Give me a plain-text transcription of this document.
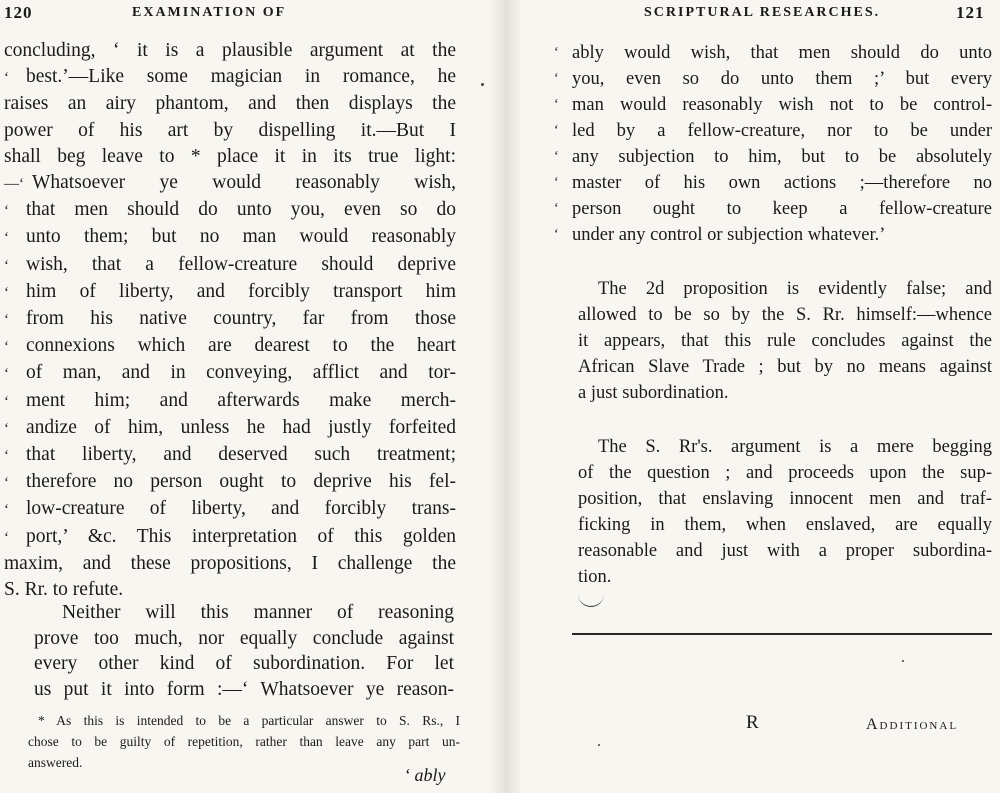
120	EXAMINATION OF
concluding, ‘ it is a plausible argument at the
‘ best.’—Like some magician in romance, he
raises an airy phantom, and then displays the
power of his art by dispelling it.—But I
shall beg leave to * place it in its true light:
—‘ Whatsoever ye would reasonably wish,
‘ that men should do unto you, even so do
‘ unto them; but no man would reasonably
‘ wish, that a fellow-creature should deprive
‘ him of liberty, and forcibly transport him
‘ from his native country, far from those
‘ connexions which are dearest to the heart
‘ of man, and in conveying, afflict and tor-
‘ ment him; and afterwards make merch-
‘ andize of him, unless he had justly forfeited
‘ that liberty, and deserved such treatment;
‘ therefore no person ought to deprive his fel-
‘ low-creature of liberty, and forcibly trans-
‘ port,’ &c. This interpretation of this golden
maxim, and these propositions, I challenge the
S. Rr. to refute.
Neither will this manner of reasoning
prove too much, nor equally conclude against
every other kind of subordination. For let
us put it into form :—‘ Whatsoever ye reason-
* As this is intended to be a particular answer to S. Rs., I
chose to be guilty of repetition, rather than leave any part un-
answered.
‘ ably
SCRIPTURAL RESEARCHES.	121
‘ ably would wish, that men should do unto
‘ you, even so do unto them ;’ but every
‘ man would reasonably wish not to be control-
‘ led by a fellow-creature, nor to be under
‘ any subjection to him, but to be absolutely
‘ master of his own actions ;—therefore no
‘ person ought to keep a fellow-creature
‘ under any control or subjection whatever.’
The 2d proposition is evidently false; and
allowed to be so by the S. Rr. himself:—whence
it appears, that this rule concludes against the
African Slave Trade ; but by no means against
a just subordination.
The S. Rr's. argument is a mere begging
of the question ; and proceeds upon the sup-
position, that enslaving innocent men and traf-
ficking in them, when enslaved, are equally
reasonable and just with a proper subordina-
tion.
R	Additional
